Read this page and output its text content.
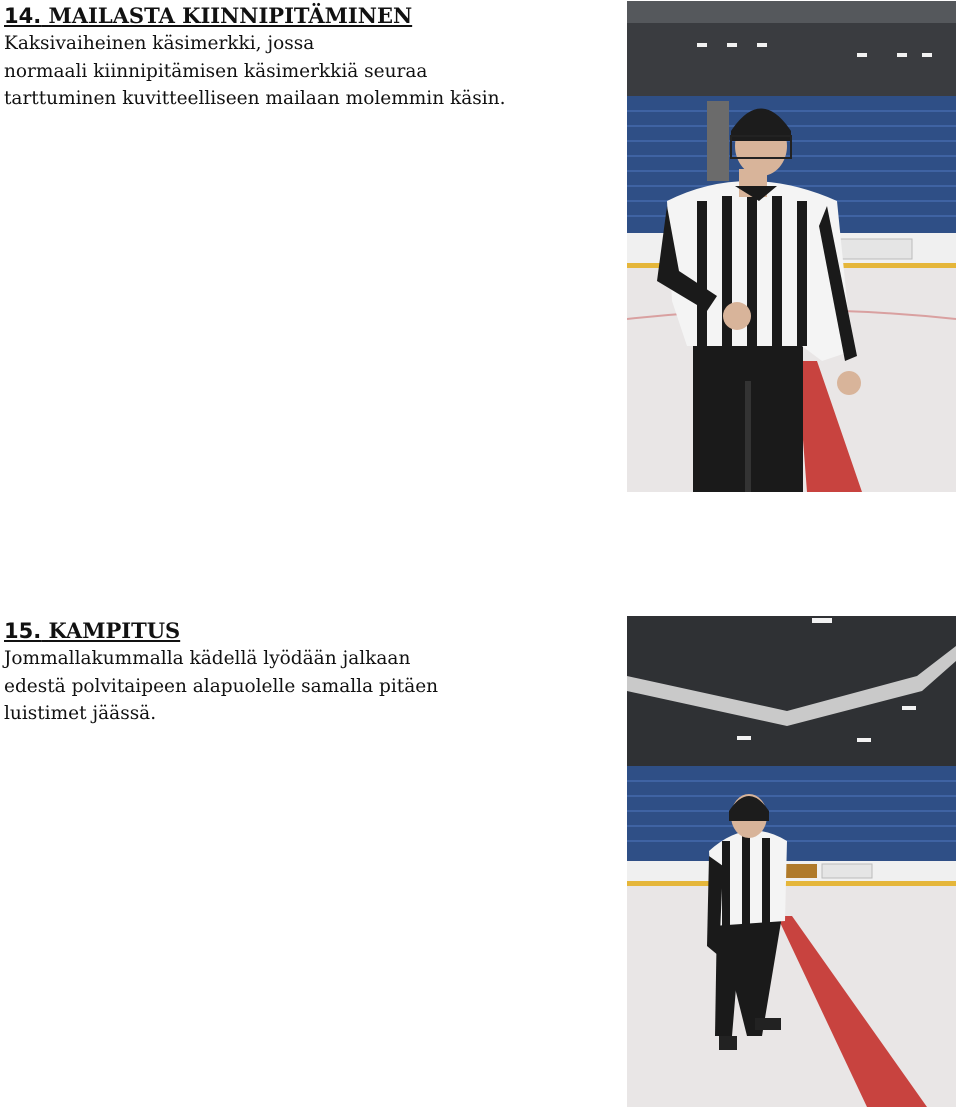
14. MAILASTA KIINNIPITÄMINEN

Kaksivaiheinen käsimerkki, jossa
normaali kiinnipitämisen käsimerkkiä seuraa
tarttuminen kuvitteelliseen mailaan molemmin käsin.

15. KAMPITUS

Jommallakummalla kädellä lyödään jalkaan
edestä polvitaipeen alapuolelle samalla pitäen
luistimet jäässä.
